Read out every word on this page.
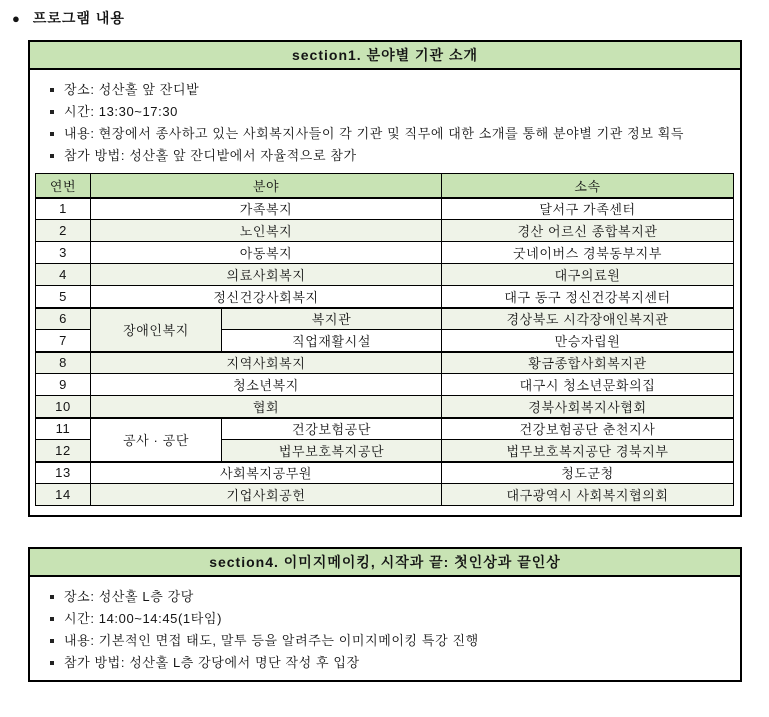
● 프로그램 내용
section1. 분야별 기관 소개
장소: 성산홀 앞 잔디밭
시간: 13:30~17:30
내용: 현장에서 종사하고 있는 사회복지사들이 각 기관 및 직무에 대한 소개를 통해 분야별 기관 정보 획득
참가 방법: 성산홀 앞 잔디밭에서 자율적으로 참가
연번	분야		소속
1	가족복지		달서구 가족센터
2	노인복지		경산 어르신 종합복지관
3	아동복지		굿네이버스 경북동부지부
4	의료사회복지		대구의료원
5	정신건강사회복지		대구 동구 정신건강복지센터
6	장애인복지	복지관	경상북도 시각장애인복지관
7		직업재활시설	만승자립원
8	지역사회복지		황금종합사회복지관
9	청소년복지		대구시 청소년문화의집
10	협회		경북사회복지사협회
11	공사 · 공단	건강보험공단	건강보험공단 춘천지사
12		법무보호복지공단	법무보호복지공단 경북지부
13	사회복지공무원		청도군청
14	기업사회공헌		대구광역시 사회복지협의회
section4. 이미지메이킹, 시작과 끝: 첫인상과 끝인상
장소: 성산홀 L층 강당
시간: 14:00~14:45(1타임)
내용: 기본적인 면접 태도, 말투 등을 알려주는 이미지메이킹 특강 진행
참가 방법: 성산홀 L층 강당에서 명단 작성 후 입장
